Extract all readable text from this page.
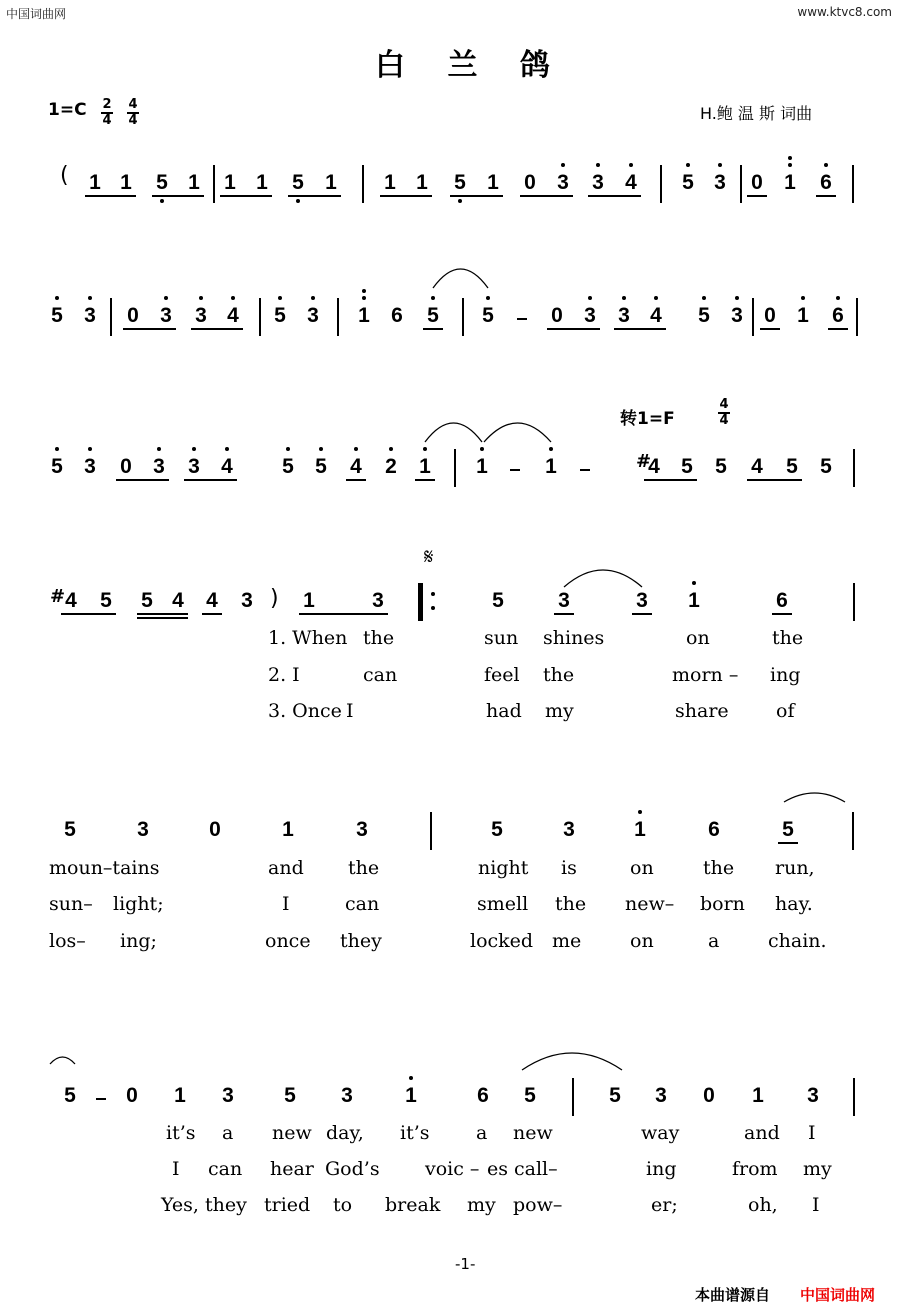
中国词曲网	www.ktvc8.com
白 兰 鸽
1=C 2
4
4
4	H.鲍 温 斯 词曲
转1=F
4
4
( 1 1 5 1 1 1 5 1 1 1 5 1 0 3 3 4 5 3 0 1 6
5 3 0 3 3 4 5 3 1 6 5 5	0 3 3 4 5 3 0 1 6
5 3 0 3 3 4 5 5 4 2 1 1	1	4 5 5 4 5 5
4 5 5 4 4 3 1	3	5	3	3 1	6
5	3	0	1	3	5	3	1	6	5
5 0 1 3 5 3 1	6 5	5 3 0 1 3
#
#	)
𝄋
1. When the	sun shines	on	the
2. I	can	feel the	morn – ing
3. Once I	had my	share of
moun–tains	and the	night is	on	the run,
sun– light;	I	can	smell the new– born hay.
los– ing;	once they	locked me	on	a	chain.
it’s a new day, it’s a new	way	and I
I can hear God’s voic – es call–	ing	from my
Yes, they tried to break my pow–	er;	oh, I
-1-
本曲谱源自 中国词曲网
